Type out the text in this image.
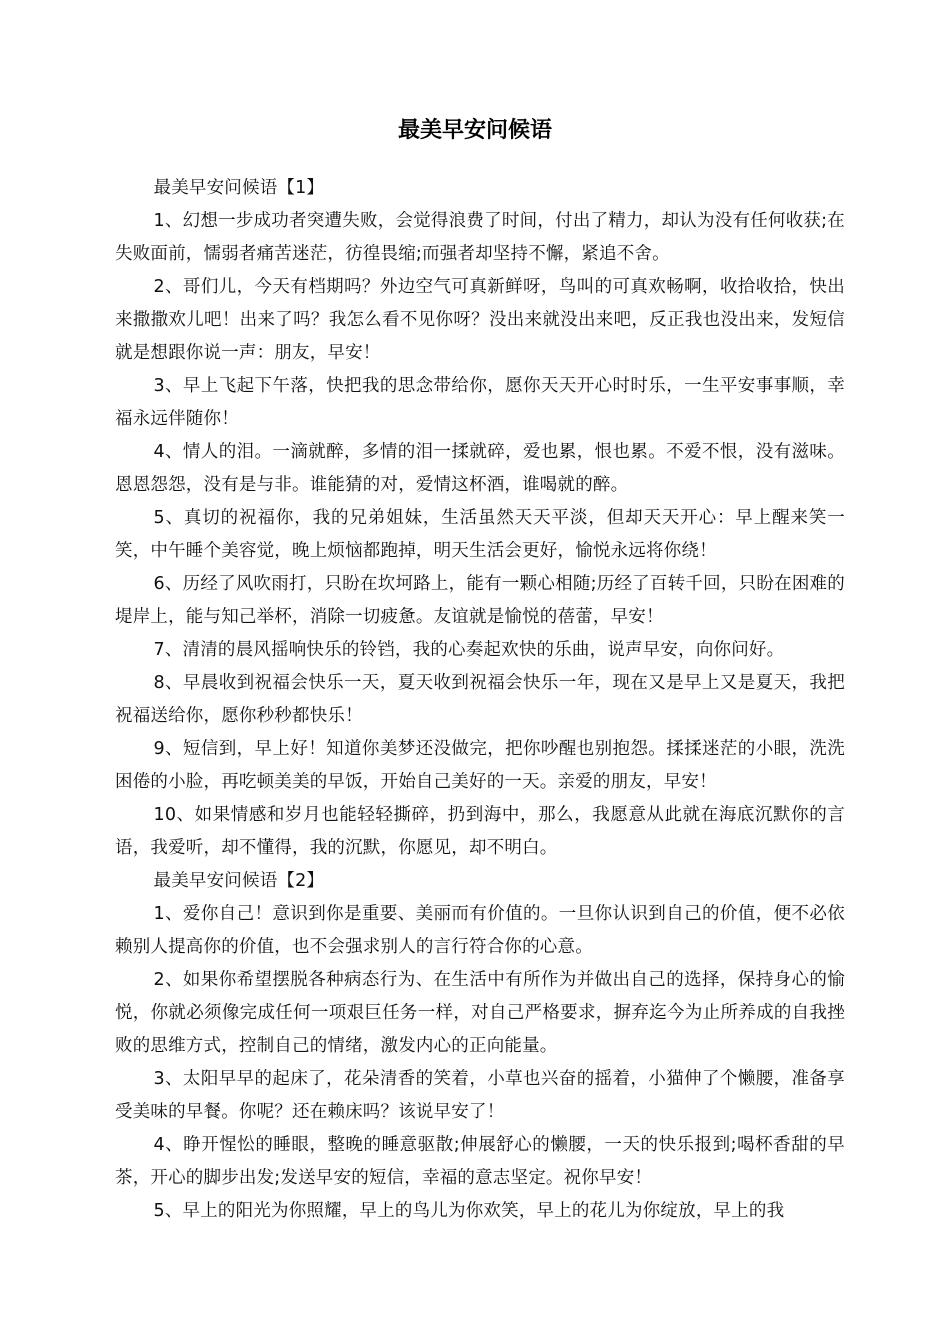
最美早安问候语

最美早安问候语【1】

1、幻想一步成功者突遭失败，会觉得浪费了时间，付出了精力，却认为没有任何收获;在失败面前，懦弱者痛苦迷茫，彷徨畏缩;而强者却坚持不懈，紧追不舍。

2、哥们儿，今天有档期吗？外边空气可真新鲜呀，鸟叫的可真欢畅啊，收拾收拾，快出来撒撒欢儿吧！出来了吗？我怎么看不见你呀？没出来就没出来吧，反正我也没出来，发短信就是想跟你说一声：朋友，早安！

3、早上飞起下午落，快把我的思念带给你，愿你天天开心时时乐，一生平安事事顺，幸福永远伴随你！

4、情人的泪。一滴就醉，多情的泪一揉就碎，爱也累，恨也累。不爱不恨，没有滋味。恩恩怨怨，没有是与非。谁能猜的对，爱情这杯酒，谁喝就的醉。

5、真切的祝福你，我的兄弟姐妹，生活虽然天天平淡，但却天天开心：早上醒来笑一笑，中午睡个美容觉，晚上烦恼都跑掉，明天生活会更好，愉悦永远将你绕！

6、历经了风吹雨打，只盼在坎坷路上，能有一颗心相随;历经了百转千回，只盼在困难的堤岸上，能与知己举杯，消除一切疲惫。友谊就是愉悦的蓓蕾，早安！

7、清清的晨风摇响快乐的铃铛，我的心奏起欢快的乐曲，说声早安，向你问好。

8、早晨收到祝福会快乐一天，夏天收到祝福会快乐一年，现在又是早上又是夏天，我把祝福送给你，愿你秒秒都快乐！

9、短信到，早上好！知道你美梦还没做完，把你吵醒也别抱怨。揉揉迷茫的小眼，洗洗困倦的小脸，再吃顿美美的早饭，开始自己美好的一天。亲爱的朋友，早安！

10、如果情感和岁月也能轻轻撕碎，扔到海中，那么，我愿意从此就在海底沉默你的言语，我爱听，却不懂得，我的沉默，你愿见，却不明白。

最美早安问候语【2】

1、爱你自己！意识到你是重要、美丽而有价值的。一旦你认识到自己的价值，便不必依赖别人提高你的价值，也不会强求别人的言行符合你的心意。

2、如果你希望摆脱各种病态行为、在生活中有所作为并做出自己的选择，保持身心的愉悦，你就必须像完成任何一项艰巨任务一样，对自己严格要求，摒弃迄今为止所养成的自我挫败的思维方式，控制自己的情绪，激发内心的正向能量。

3、太阳早早的起床了，花朵清香的笑着，小草也兴奋的摇着，小猫伸了个懒腰，准备享受美味的早餐。你呢？还在赖床吗？该说早安了！

4、睁开惺忪的睡眼，整晚的睡意驱散;伸展舒心的懒腰，一天的快乐报到;喝杯香甜的早茶，开心的脚步出发;发送早安的短信，幸福的意志坚定。祝你早安！

5、早上的阳光为你照耀，早上的鸟儿为你欢笑，早上的花儿为你绽放，早上的我
